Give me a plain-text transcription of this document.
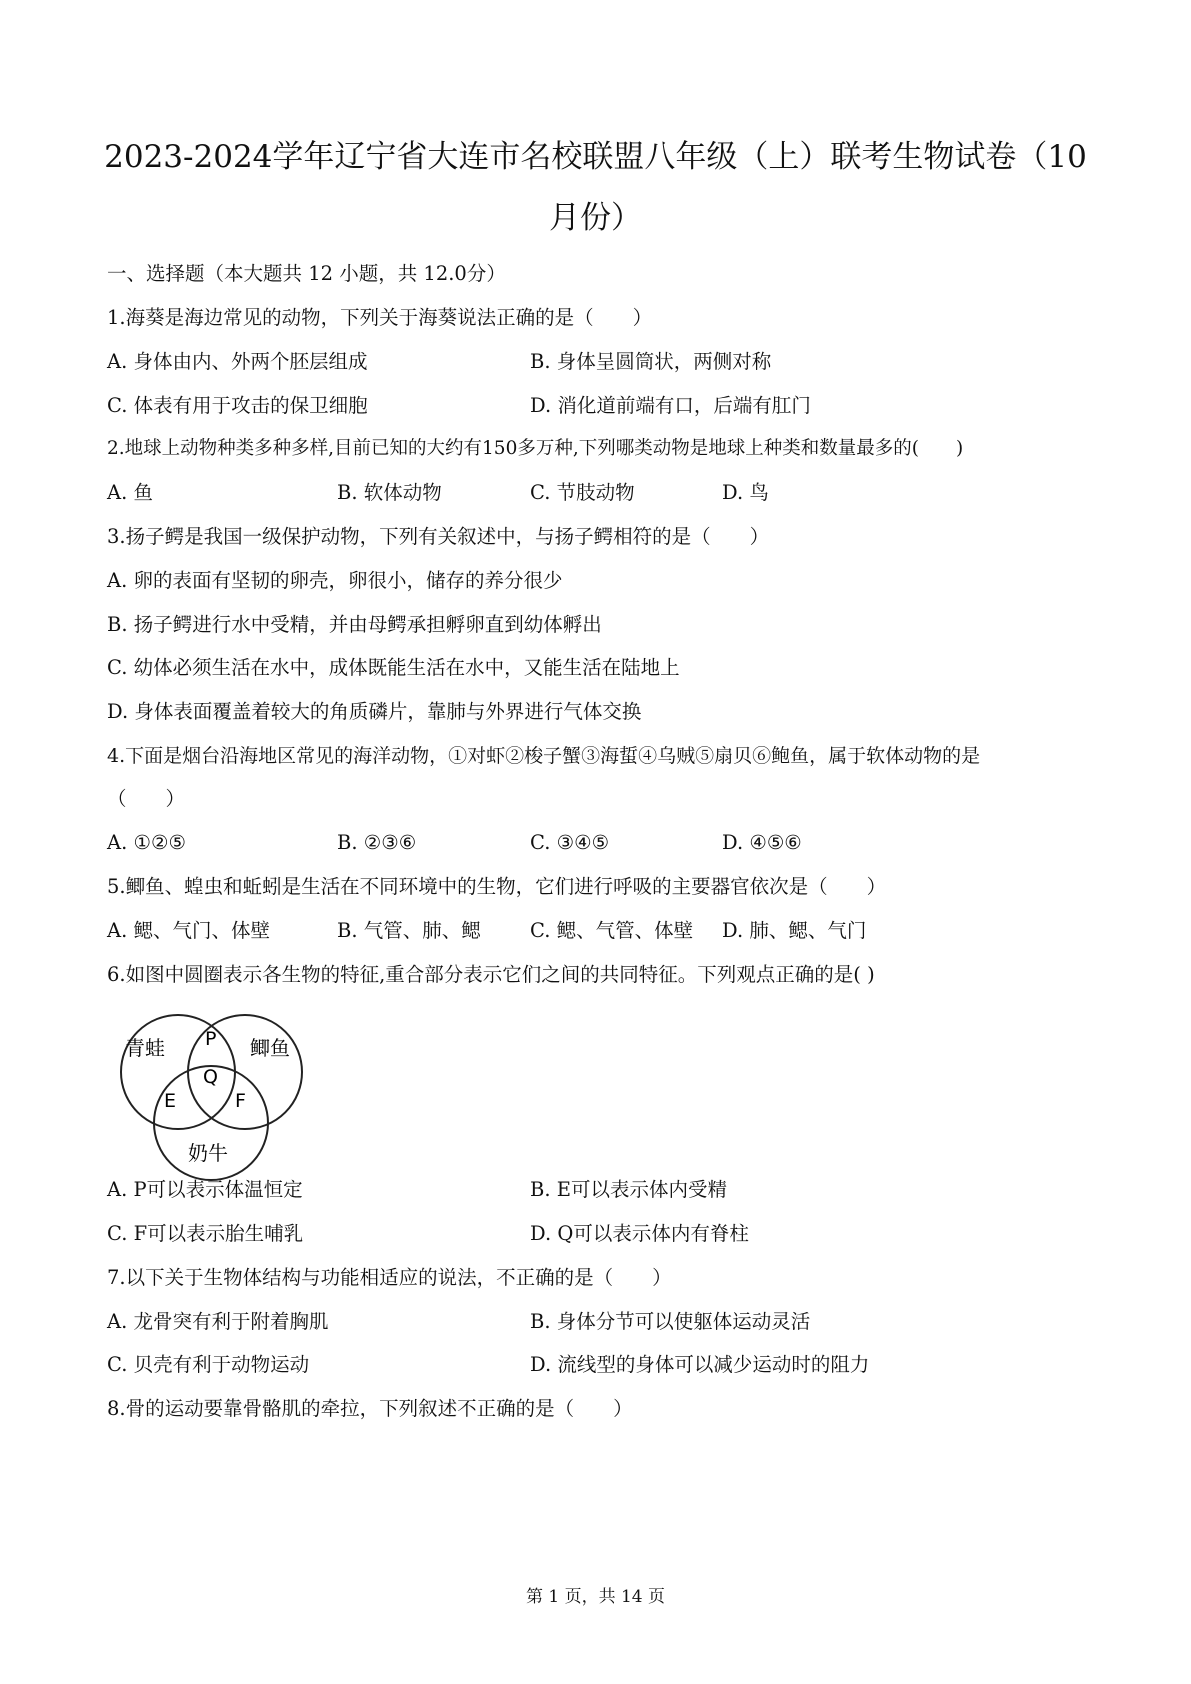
2023-2024学年辽宁省大连市名校联盟八年级（上）联考生物试卷（10
月份）
一、选择题（本大题共 12 小题，共 12.0分）
1.海葵是海边常见的动物，下列关于海葵说法正确的是（　　）
A. 身体由内、外两个胚层组成	B. 身体呈圆筒状，两侧对称
C. 体表有用于攻击的保卫细胞	D. 消化道前端有口，后端有肛门
2.地球上动物种类多种多样,目前已知的大约有150多万种,下列哪类动物是地球上种类和数量最多的(　　)
A. 鱼	B. 软体动物	C. 节肢动物	D. 鸟
3.扬子鳄是我国一级保护动物，下列有关叙述中，与扬子鳄相符的是（　　）
A. 卵的表面有坚韧的卵壳，卵很小，储存的养分很少
B. 扬子鳄进行水中受精，并由母鳄承担孵卵直到幼体孵出
C. 幼体必须生活在水中，成体既能生活在水中，又能生活在陆地上
D. 身体表面覆盖着较大的角质磷片，靠肺与外界进行气体交换
4.下面是烟台沿海地区常见的海洋动物，①对虾②梭子蟹③海蜇④乌贼⑤扇贝⑥鲍鱼，属于软体动物的是
（　　）
A. ①②⑤	B. ②③⑥	C. ③④⑤	D. ④⑤⑥
5.鲫鱼、蝗虫和蚯蚓是生活在不同环境中的生物，它们进行呼吸的主要器官依次是（　　）
A. 鳃、气门、体壁	B. 气管、肺、鳃	C. 鳃、气管、体壁 D. 肺、鳃、气门
6.如图中圆圈表示各生物的特征,重合部分表示它们之间的共同特征。下列观点正确的是( )
青蛙	鲫鱼
奶牛
P
Q
E	F
A. P可以表示体温恒定	B. E可以表示体内受精
C. F可以表示胎生哺乳	D. Q可以表示体内有脊柱
7.以下关于生物体结构与功能相适应的说法，不正确的是（　　）
A. 龙骨突有利于附着胸肌	B. 身体分节可以使躯体运动灵活
C. 贝壳有利于动物运动	D. 流线型的身体可以减少运动时的阻力
8.骨的运动要靠骨骼肌的牵拉，下列叙述不正确的是（　　）
第 1 页，共 14 页
